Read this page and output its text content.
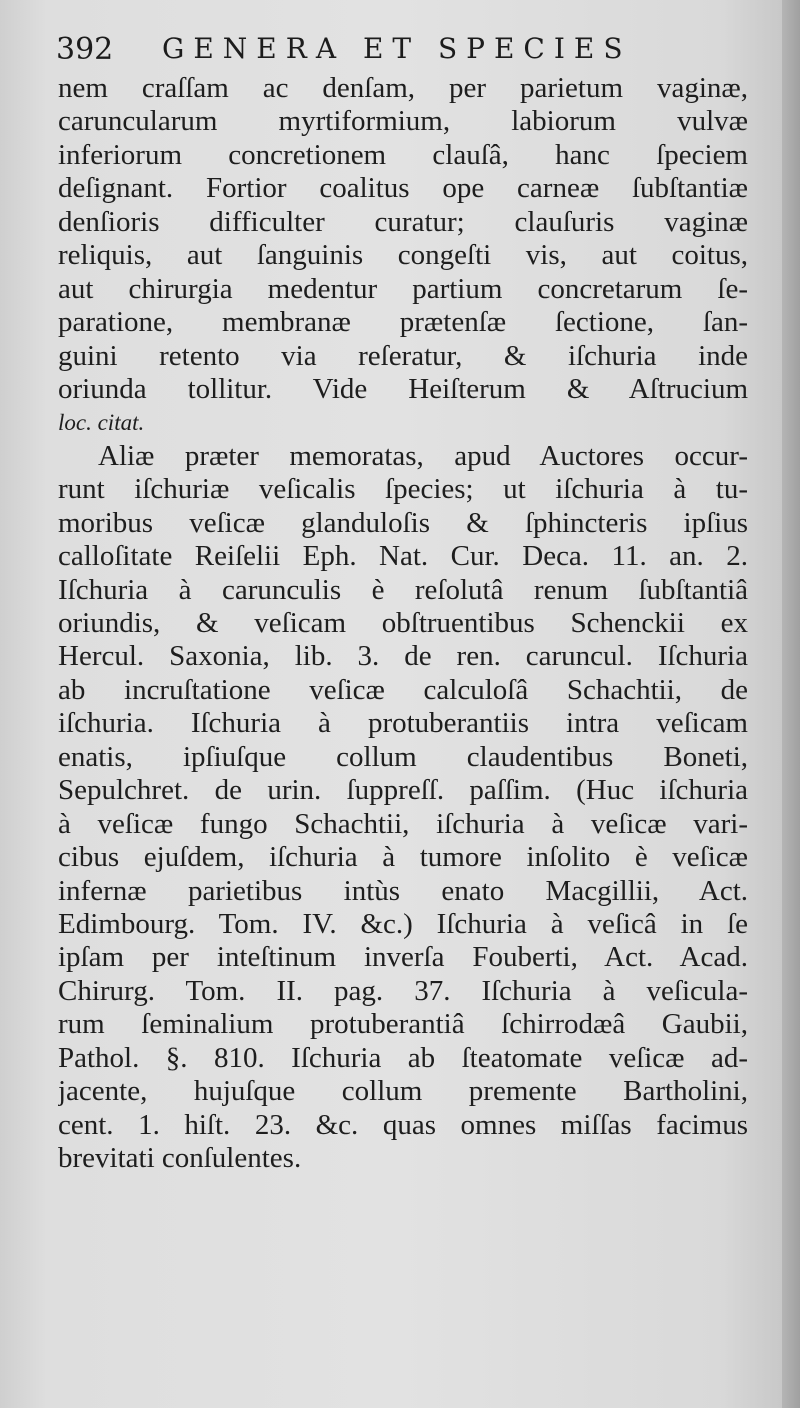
392 GENERA ET SPECIES
nem craſſam ac denſam, per parietum vaginæ,
caruncularum myrtiformium, labiorum vulvæ
inferiorum concretionem clauſâ, hanc ſpeciem
deſignant. Fortior coalitus ope carneæ ſubſtantiæ
denſioris difficulter curatur; clauſuris vaginæ
reliquis, aut ſanguinis congeſti vis, aut coitus,
aut chirurgia medentur partium concretarum ſe-
paratione, membranæ prætenſæ ſectione, ſan-
guini retento via reſeratur, & iſchuria inde
oriunda tollitur. Vide Heiſterum & Aſtrucium
loc. citat.
Aliæ præter memoratas, apud Auctores occur-
runt iſchuriæ veſicalis ſpecies; ut iſchuria à tu-
moribus veſicæ glanduloſis & ſphincteris ipſius
calloſitate Reiſelii Eph. Nat. Cur. Deca. 11. an. 2.
Iſchuria à carunculis è reſolutâ renum ſubſtantiâ
oriundis, & veſicam obſtruentibus Schenckii ex
Hercul. Saxonia, lib. 3. de ren. caruncul. Iſchuria
ab incruſtatione veſicæ calculoſâ Schachtii, de
iſchuria. Iſchuria à protuberantiis intra veſicam
enatis, ipſiuſque collum claudentibus Boneti,
Sepulchret. de urin. ſuppreſſ. paſſim. (Huc iſchuria
à veſicæ fungo Schachtii, iſchuria à veſicæ vari-
cibus ejuſdem, iſchuria à tumore inſolito è veſicæ
infernæ parietibus intùs enato Macgillii, Act.
Edimbourg. Tom. IV. &c.) Iſchuria à veſicâ in ſe
ipſam per inteſtinum inverſa Fouberti, Act. Acad.
Chirurg. Tom. II. pag. 37. Iſchuria à veſicula-
rum ſeminalium protuberantiâ ſchirrodæâ Gaubii,
Pathol. §. 810. Iſchuria ab ſteatomate veſicæ ad-
jacente, hujuſque collum premente Bartholini,
cent. 1. hiſt. 23. &c. quas omnes miſſas facimus
brevitati conſulentes.
